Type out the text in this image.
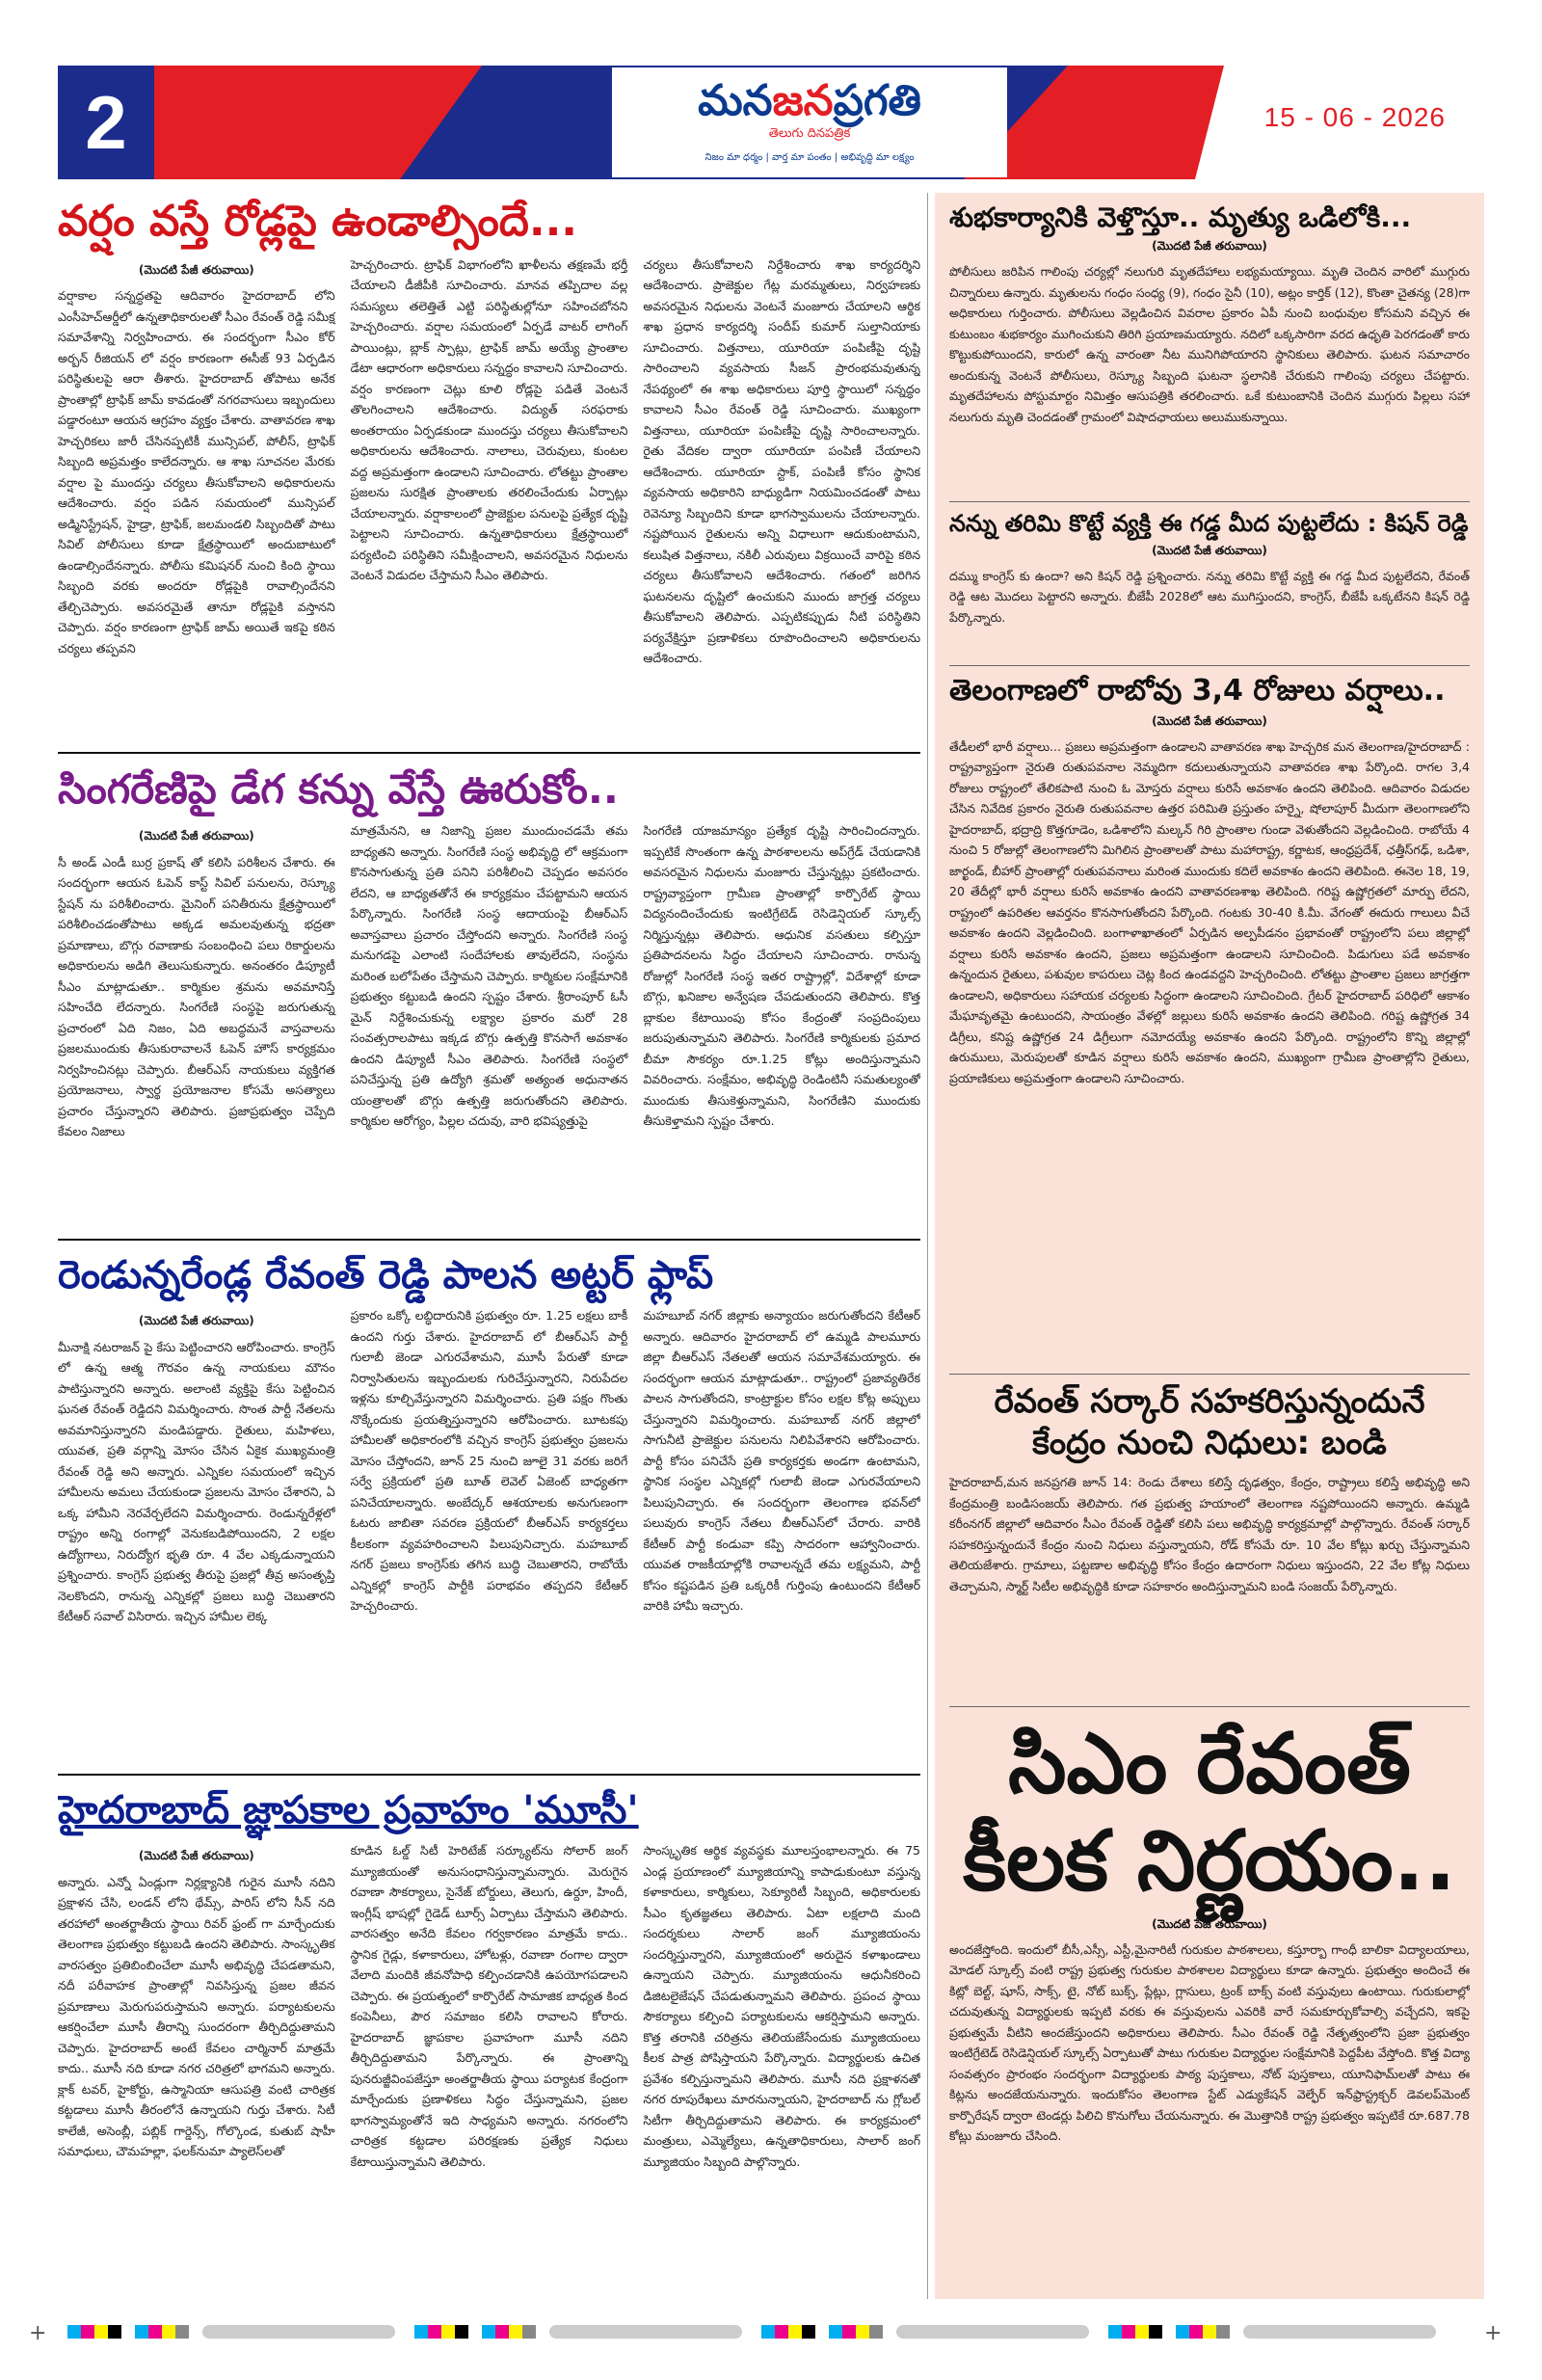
2	మనజనప్రగతి
తెలుగు దినపత్రిక
నిజం మా ధర్మం | వార్త మా పంతం | అభివృద్ధి మా లక్ష్యం
15 - 06 - 2026
వర్షం వస్తే రోడ్లపై ఉండాల్సిందే...
(మొదటి పేజీ తరువాయి)
వర్షాకాల సన్నద్ధతపై ఆదివారం హైదరాబాద్ లోని ఎంసీహెచ్ఆర్డీలో ఉన్నతాధికారులతో సీఎం రేవంత్ రెడ్డి సమీక్ష సమావేశాన్ని నిర్వహించారు. ఈ సందర్భంగా సీఎం కోర్ అర్బన్ రీజియన్ లో వర్షం కారణంగా ఈసీజ్ 93 ఏర్పడిన పరిస్థితులపై ఆరా తీశారు. హైదరాబాద్ తోపాటు అనేక ప్రాంతాల్లో ట్రాఫిక్ జామ్ కావడంతో నగరవాసులు ఇబ్బందులు పడ్డారంటూ ఆయన ఆగ్రహం వ్యక్తం చేశారు. వాతావరణ శాఖ హెచ్చరికలు జారీ చేసినప్పటికీ మున్సిపల్, పోలీస్, ట్రాఫిక్ సిబ్బంది అప్రమత్తం కాలేదన్నారు. ఆ శాఖ సూచనల మేరకు వర్షాల పై ముందస్తు చర్యలు తీసుకోవాలని అధికారులను ఆదేశించారు. వర్షం పడిన సమయంలో మున్సిపల్ అడ్మినిస్ట్రేషన్, హైడ్రా, ట్రాఫిక్, జలమండలి సిబ్బందితో పాటు సివిల్ పోలీసులు కూడా క్షేత్రస్థాయిలో అందుబాటులో ఉండాల్సిందేనన్నారు. పోలీసు కమిషనర్ నుంచి కింది స్థాయి సిబ్బంది వరకు అందరూ రోడ్లపైకి రావాల్సిందేనని తేల్చిచెప్పారు. అవసరమైతే తానూ రోడ్లపైకి వస్తానని చెప్పారు. వర్షం కారణంగా ట్రాఫిక్ జామ్ అయితే ఇకపై కఠిన చర్యలు తప్పవని
హెచ్చరించారు. ట్రాఫిక్ విభాగంలోని ఖాళీలను తక్షణమే భర్తీ చేయాలని డీజీపీకి సూచించారు. మానవ తప్పిదాల వల్ల సమస్యలు తలెత్తితే ఎట్టి పరిస్థితుల్లోనూ సహించబోనని హెచ్చరించారు. వర్షాల సమయంలో ఏర్పడే వాటర్ లాగింగ్ పాయింట్లు, బ్లాక్ స్పాట్లు, ట్రాఫిక్ జామ్ అయ్యే ప్రాంతాల డేటా ఆధారంగా అధికారులు సన్నద్ధం కావాలని సూచించారు. వర్షం కారణంగా చెట్లు కూలి రోడ్లపై పడితే వెంటనే తొలగించాలని ఆదేశించారు. విద్యుత్ సరఫరాకు అంతరాయం ఏర్పడకుండా ముందస్తు చర్యలు తీసుకోవాలని అధికారులను ఆదేశించారు. నాలాలు, చెరువులు, కుంటల వద్ద అప్రమత్తంగా ఉండాలని సూచించారు. లోతట్టు ప్రాంతాల ప్రజలను సురక్షిత ప్రాంతాలకు తరలించేందుకు ఏర్పాట్లు చేయాలన్నారు. వర్షాకాలంలో ప్రాజెక్టుల పనులపై ప్రత్యేక దృష్టి పెట్టాలని సూచించారు. ఉన్నతాధికారులు క్షేత్రస్థాయిలో పర్యటించి పరిస్థితిని సమీక్షించాలని, అవసరమైన నిధులను వెంటనే విడుదల చేస్తామని సీఎం తెలిపారు.
చర్యలు తీసుకోవాలని నిర్దేశించారు శాఖ కార్యదర్శిని ఆదేశించారు. ప్రాజెక్టుల గేట్ల మరమ్మతులు, నిర్వహణకు అవసరమైన నిధులను వెంటనే మంజూరు చేయాలని ఆర్థిక శాఖ ప్రధాన కార్యదర్శి సందీప్ కుమార్ సుల్తానియాకు సూచించారు. విత్తనాలు, యూరియా పంపిణీపై దృష్టి సారించాలని వ్యవసాయ సీజన్ ప్రారంభమవుతున్న నేపథ్యంలో ఈ శాఖ అధికారులు పూర్తి స్థాయిలో సన్నద్ధం కావాలని సీఎం రేవంత్ రెడ్డి సూచించారు. ముఖ్యంగా విత్తనాలు, యూరియా పంపిణీపై దృష్టి సారించాలన్నారు. రైతు వేదికల ద్వారా యూరియా పంపిణీ చేయాలని ఆదేశించారు. యూరియా స్టాక్, పంపిణీ కోసం స్థానిక వ్యవసాయ అధికారిని బాధ్యుడిగా నియమించడంతో పాటు రెవెన్యూ సిబ్బందిని కూడా భాగస్వాములను చేయాలన్నారు. నష్టపోయిన రైతులను అన్ని విధాలుగా ఆదుకుంటామని, కలుషిత విత్తనాలు, నకిలీ ఎరువులు విక్రయించే వారిపై కఠిన చర్యలు తీసుకోవాలని ఆదేశించారు. గతంలో జరిగిన ఘటనలను దృష్టిలో ఉంచుకుని ముందు జాగ్రత్త చర్యలు తీసుకోవాలని తెలిపారు. ఎప్పటికప్పుడు నీటి పరిస్థితిని పర్యవేక్షిస్తూ ప్రణాళికలు రూపొందించాలని అధికారులను ఆదేశించారు.
సింగరేణిపై డేగ కన్ను వేస్తే ఊరుకోం..
(మొదటి పేజీ తరువాయి)
సీ అండ్ ఎండీ బుర్ర ప్రకాష్ తో కలిసి పరిశీలన చేశారు. ఈ సందర్భంగా ఆయన ఓపెన్ కాస్ట్ సివిల్ పనులను, రెస్క్యూ స్టేషన్ ను పరిశీలించారు. మైనింగ్ పనితీరును క్షేత్రస్థాయిలో పరిశీలించడంతోపాటు అక్కడ అమలవుతున్న భద్రతా ప్రమాణాలు, బొగ్గు రవాణాకు సంబంధించి పలు రికార్డులను అధికారులను అడిగి తెలుసుకున్నారు. అనంతరం డిప్యూటీ సీఎం మాట్లాడుతూ.. కార్మికుల శ్రమను అవమానిస్తే సహించేది లేదన్నారు. సింగరేణి సంస్థపై జరుగుతున్న ప్రచారంలో ఏది నిజం, ఏది అబద్ధమనే వాస్తవాలను ప్రజలముందుకు తీసుకురావాలనే ఓపెన్ హౌస్ కార్యక్రమం నిర్వహించినట్లు చెప్పారు. బీఆర్ఎస్ నాయకులు వ్యక్తిగత ప్రయోజనాలు, స్వార్థ ప్రయోజనాల కోసమే అసత్యాలు ప్రచారం చేస్తున్నారని తెలిపారు. ప్రజాప్రభుత్వం చెప్పేది కేవలం నిజాలు
మాత్రమేనని, ఆ నిజాన్ని ప్రజల ముందుంచడమే తమ బాధ్యతని అన్నారు. సింగరేణి సంస్థ అభివృద్ధి లో ఆక్రమంగా కొనసాగుతున్న ప్రతి పనిని పరిశీలించి చెప్పడం అవసరం లేదని, ఆ బాధ్యతతోనే ఈ కార్యక్రమం చేపట్టామని ఆయన పేర్కొన్నారు. సింగరేణి సంస్థ ఆదాయంపై బీఆర్ఎస్ అవాస్తవాలు ప్రచారం చేస్తోందని అన్నారు. సింగరేణి సంస్థ మనుగడపై ఎలాంటి సందేహాలకు తావులేదని, సంస్థను మరింత బలోపేతం చేస్తామని చెప్పారు. కార్మికుల సంక్షేమానికి ప్రభుత్వం కట్టుబడి ఉందని స్పష్టం చేశారు. శ్రీరాంపూర్ ఓసీ మైన్ నిర్దేశించుకున్న లక్ష్యాల ప్రకారం మరో 28 సంవత్సరాలపాటు ఇక్కడ బొగ్గు ఉత్పత్తి కొనసాగే అవకాశం ఉందని డిప్యూటీ సీఎం తెలిపారు. సింగరేణి సంస్థలో పనిచేస్తున్న ప్రతి ఉద్యోగి శ్రమతో అత్యంత అధునాతన యంత్రాలతో బొగ్గు ఉత్పత్తి జరుగుతోందని తెలిపారు. కార్మికుల ఆరోగ్యం, పిల్లల చదువు, వారి భవిష్యత్తుపై
సింగరేణి యాజమాన్యం ప్రత్యేక దృష్టి సారించిందన్నారు. ఇప్పటికే సొంతంగా ఉన్న పాఠశాలలను అప్‌గ్రేడ్ చేయడానికి అవసరమైన నిధులను మంజూరు చేస్తున్నట్లు ప్రకటించారు. రాష్ట్రవ్యాప్తంగా గ్రామీణ ప్రాంతాల్లో కార్పొరేట్ స్థాయి విద్యనందించేందుకు ఇంటిగ్రేటెడ్ రెసిడెన్షియల్ స్కూల్స్ నిర్మిస్తున్నట్లు తెలిపారు. ఆధునిక వసతులు కల్పిస్తూ ప్రతిపాదనలను సిద్ధం చేయాలని సూచించారు. రానున్న రోజుల్లో సింగరేణి సంస్థ ఇతర రాష్ట్రాల్లో, విదేశాల్లో కూడా బొగ్గు, ఖనిజాల అన్వేషణ చేపడుతుందని తెలిపారు. కొత్త బ్లాకుల కేటాయింపు కోసం కేంద్రంతో సంప్రదింపులు జరుపుతున్నామని తెలిపారు. సింగరేణి కార్మికులకు ప్రమాద బీమా సౌకర్యం రూ.1.25 కోట్లు అందిస్తున్నామని వివరించారు. సంక్షేమం, అభివృద్ధి రెండింటినీ సమతుల్యంతో ముందుకు తీసుకెళ్తున్నామని, సింగరేణిని ముందుకు తీసుకెళ్తామని స్పష్టం చేశారు.
రెండున్నరేండ్ల రేవంత్ రెడ్డి పాలన అట్టర్ ఫ్లాప్
(మొదటి పేజీ తరువాయి)
మీనాక్షి నటరాజన్ పై కేసు పెట్టించారని ఆరోపించారు. కాంగ్రెస్ లో ఉన్న ఆత్మ గౌరవం ఉన్న నాయకులు మౌనం పాటిస్తున్నారని అన్నారు. అలాంటి వ్యక్తిపై కేసు పెట్టించిన ఘనత రేవంత్ రెడ్డిదని విమర్శించారు. సొంత పార్టీ నేతలను అవమానిస్తున్నారని మండిపడ్డారు. రైతులు, మహిళలు, యువత, ప్రతి వర్గాన్ని మోసం చేసిన ఏకైక ముఖ్యమంత్రి రేవంత్ రెడ్డి అని అన్నారు. ఎన్నికల సమయంలో ఇచ్చిన హామీలను అమలు చేయకుండా ప్రజలను మోసం చేశారని, ఏ ఒక్క హామీని నెరవేర్చలేదని విమర్శించారు. రెండున్నరేళ్లలో రాష్ట్రం అన్ని రంగాల్లో వెనుకబడిపోయిందని, 2 లక్షల ఉద్యోగాలు, నిరుద్యోగ భృతి రూ. 4 వేల ఎక్కడున్నాయని ప్రశ్నించారు. కాంగ్రెస్ ప్రభుత్వ తీరుపై ప్రజల్లో తీవ్ర అసంతృప్తి నెలకొందని, రానున్న ఎన్నికల్లో ప్రజలు బుద్ధి చెబుతారని కేటీఆర్ సవాల్ విసిరారు. ఇచ్చిన హామీల లెక్క
ప్రకారం ఒక్కో లబ్ధిదారునికి ప్రభుత్వం రూ. 1.25 లక్షలు బాకీ ఉందని గుర్తు చేశారు. హైదరాబాద్ లో బీఆర్ఎస్ పార్టీ గులాబీ జెండా ఎగురవేశామని, మూసీ పేరుతో కూడా నిర్వాసితులను ఇబ్బందులకు గురిచేస్తున్నారని, నిరుపేదల ఇళ్లను కూల్చివేస్తున్నారని విమర్శించారు. ప్రతి పక్షం గొంతు నొక్కేందుకు ప్రయత్నిస్తున్నారని ఆరోపించారు. బూటకపు హామీలతో అధికారంలోకి వచ్చిన కాంగ్రెస్ ప్రభుత్వం ప్రజలను మోసం చేస్తోందని, జూన్ 25 నుంచి జూలై 31 వరకు జరిగే సర్వే ప్రక్రియలో ప్రతి బూత్ లెవెల్ ఏజెంట్ బాధ్యతగా పనిచేయాలన్నారు. అంబేద్కర్ ఆశయాలకు అనుగుణంగా ఓటరు జాబితా సవరణ ప్రక్రియలో బీఆర్ఎస్ కార్యకర్తలు కీలకంగా వ్యవహరించాలని పిలుపునిచ్చారు. మహబూబ్ నగర్ ప్రజలు కాంగ్రెస్‌కు తగిన బుద్ధి చెబుతారని, రాబోయే ఎన్నికల్లో కాంగ్రెస్ పార్టీకి పరాభవం తప్పదని కేటీఆర్ హెచ్చరించారు.
మహబూబ్ నగర్ జిల్లాకు అన్యాయం జరుగుతోందని కేటీఆర్ అన్నారు. ఆదివారం హైదరాబాద్ లో ఉమ్మడి పాలమూరు జిల్లా బీఆర్ఎస్ నేతలతో ఆయన సమావేశమయ్యారు. ఈ సందర్భంగా ఆయన మాట్లాడుతూ.. రాష్ట్రంలో ప్రజావ్యతిరేక పాలన సాగుతోందని, కాంట్రాక్టుల కోసం లక్షల కోట్ల అప్పులు చేస్తున్నారని విమర్శించారు. మహబూబ్ నగర్ జిల్లాలో సాగునీటి ప్రాజెక్టుల పనులను నిలిపివేశారని ఆరోపించారు. పార్టీ కోసం పనిచేసే ప్రతి కార్యకర్తకు అండగా ఉంటామని, స్థానిక సంస్థల ఎన్నికల్లో గులాబీ జెండా ఎగురవేయాలని పిలుపునిచ్చారు. ఈ సందర్భంగా తెలంగాణ భవన్‌లో పలువురు కాంగ్రెస్ నేతలు బీఆర్ఎస్‌లో చేరారు. వారికి కేటీఆర్ పార్టీ కండువా కప్పి సాదరంగా ఆహ్వానించారు. యువత రాజకీయాల్లోకి రావాలన్నదే తమ లక్ష్యమని, పార్టీ కోసం కష్టపడిన ప్రతి ఒక్కరికీ గుర్తింపు ఉంటుందని కేటీఆర్ వారికి హామీ ఇచ్చారు.
హైదరాబాద్ జ్ఞాపకాల ప్రవాహం 'మూసీ'
(మొదటి పేజీ తరువాయి)
అన్నారు. ఎన్నో ఏండ్లుగా నిర్లక్ష్యానికి గురైన మూసీ నదిని ప్రక్షాళన చేసి, లండన్ లోని థేమ్స్, పారిస్ లోని సీన్ నది తరహాలో అంతర్జాతీయ స్థాయి రివర్ ఫ్రంట్ గా మార్చేందుకు తెలంగాణ ప్రభుత్వం కట్టుబడి ఉందని తెలిపారు. సాంస్కృతిక వారసత్వం ప్రతిబింబించేలా మూసీ అభివృద్ధి చేపడతామని, నదీ పరీవాహక ప్రాంతాల్లో నివసిస్తున్న ప్రజల జీవన ప్రమాణాలు మెరుగుపరుస్తామని అన్నారు. పర్యాటకులను ఆకర్షించేలా మూసీ తీరాన్ని సుందరంగా తీర్చిదిద్దుతామని చెప్పారు. హైదరాబాద్ అంటే కేవలం చార్మినార్ మాత్రమే కాదు.. మూసీ నది కూడా నగర చరిత్రలో భాగమని అన్నారు. క్లాక్ టవర్, హైకోర్టు, ఉస్మానియా ఆసుపత్రి వంటి చారిత్రక కట్టడాలు మూసీ తీరంలోనే ఉన్నాయని గుర్తు చేశారు. సిటీ కాలేజీ, అసెంబ్లీ, పబ్లిక్ గార్డెన్స్, గోల్కొండ, కుతుబ్ షాహీ సమాధులు, చౌమహల్లా, ఫలక్‌నుమా ప్యాలెస్‌లతో
కూడిన ఓల్డ్ సిటీ హెరిటేజ్ సర్క్యూట్‌ను సోలార్ జంగ్ మ్యూజియంతో అనుసంధానిస్తున్నామన్నారు. మెరుగైన రవాణా సౌకర్యాలు, సైనేజ్ బోర్డులు, తెలుగు, ఉర్దూ, హిందీ, ఇంగ్లీష్ భాషల్లో గైడెడ్ టూర్స్ ఏర్పాటు చేస్తామని తెలిపారు. వారసత్వం అనేది కేవలం గర్వకారణం మాత్రమే కాదు.. స్థానిక గైడ్లు, కళాకారులు, హోటళ్లు, రవాణా రంగాల ద్వారా వేలాది మందికి జీవనోపాధి కల్పించడానికి ఉపయోగపడాలని చెప్పారు. ఈ ప్రయత్నంలో కార్పొరేట్ సామాజిక బాధ్యత కింద కంపెనీలు, పౌర సమాజం కలిసి రావాలని కోరారు. హైదరాబాద్ జ్ఞాపకాల ప్రవాహంగా మూసీ నదిని తీర్చిదిద్దుతామని పేర్కొన్నారు. ఈ ప్రాంతాన్ని పునరుజ్జీవింపజేస్తూ అంతర్జాతీయ స్థాయి పర్యాటక కేంద్రంగా మార్చేందుకు ప్రణాళికలు సిద్ధం చేస్తున్నామని, ప్రజల భాగస్వామ్యంతోనే ఇది సాధ్యమని అన్నారు. నగరంలోని చారిత్రక కట్టడాల పరిరక్షణకు ప్రత్యేక నిధులు కేటాయిస్తున్నామని తెలిపారు.
సాంస్కృతిక ఆర్థిక వ్యవస్థకు మూలస్తంభాలన్నారు. ఈ 75 ఎండ్ల ప్రయాణంలో మ్యూజియాన్ని కాపాడుకుంటూ వస్తున్న కళాకారులు, కార్మికులు, సెక్యూరిటీ సిబ్బంది, అధికారులకు సీఎం కృతజ్ఞతలు తెలిపారు. ఏటా లక్షలాది మంది సందర్శకులు సాలార్ జంగ్ మ్యూజియంను సందర్శిస్తున్నారని, మ్యూజియంలో అరుదైన కళాఖండాలు ఉన్నాయని చెప్పారు. మ్యూజియంను ఆధునీకరించి డిజిటలైజేషన్ చేపడుతున్నామని తెలిపారు. ప్రపంచ స్థాయి సౌకర్యాలు కల్పించి పర్యాటకులను ఆకర్షిస్తామని అన్నారు. కొత్త తరానికి చరిత్రను తెలియజేసేందుకు మ్యూజియంలు కీలక పాత్ర పోషిస్తాయని పేర్కొన్నారు. విద్యార్థులకు ఉచిత ప్రవేశం కల్పిస్తున్నామని తెలిపారు. మూసీ నది ప్రక్షాళనతో నగర రూపురేఖలు మారనున్నాయని, హైదరాబాద్ ను గ్లోబల్ సిటీగా తీర్చిదిద్దుతామని తెలిపారు. ఈ కార్యక్రమంలో మంత్రులు, ఎమ్మెల్యేలు, ఉన్నతాధికారులు, సాలార్ జంగ్ మ్యూజియం సిబ్బంది పాల్గొన్నారు.
శుభకార్యానికి వెళ్తొస్తూ.. మృత్యు ఒడిలోకి...
(మొదటి పేజీ తరువాయి)
పోలీసులు జరిపిన గాలింపు చర్యల్లో నలుగురి మృతదేహాలు లభ్యమయ్యాయి. మృతి చెందిన వారిలో ముగ్గురు చిన్నారులు ఉన్నారు. మృతులను గంధం సంధ్య (9), గంధం సైనీ (10), అట్లం కార్తిక్ (12), కొంతా చైతన్య (28)గా అధికారులు గుర్తించారు. పోలీసులు వెల్లడించిన వివరాల ప్రకారం ఏపీ నుంచి బంధువుల కోసమని వచ్చిన ఈ కుటుంబం శుభకార్యం ముగించుకుని తిరిగి ప్రయాణమయ్యారు. నదిలో ఒక్కసారిగా వరద ఉధృతి పెరగడంతో కారు కొట్టుకుపోయిందని, కారులో ఉన్న వారంతా నీట మునిగిపోయారని స్థానికులు తెలిపారు. ఘటన సమాచారం అందుకున్న వెంటనే పోలీసులు, రెస్క్యూ సిబ్బంది ఘటనా స్థలానికి చేరుకుని గాలింపు చర్యలు చేపట్టారు. మృతదేహాలను పోస్టుమార్టం నిమిత్తం ఆసుపత్రికి తరలించారు. ఒకే కుటుంబానికి చెందిన ముగ్గురు పిల్లలు సహా నలుగురు మృతి చెందడంతో గ్రామంలో విషాదఛాయలు అలుముకున్నాయి.
నన్ను తరిమి కొట్టే వ్యక్తి ఈ గడ్డ మీద పుట్టలేదు : కిషన్ రెడ్డి
(మొదటి పేజీ తరువాయి)
దమ్ము కాంగ్రెస్ కు ఉందా? అని కిషన్ రెడ్డి ప్రశ్నించారు. నన్ను తరిమి కొట్టే వ్యక్తి ఈ గడ్డ మీద పుట్టలేదని, రేవంత్ రెడ్డి ఆట మొదలు పెట్టారని అన్నారు. బీజేపీ 2028లో ఆట ముగిస్తుందని, కాంగ్రెస్, బీజేపీ ఒక్కటేనని కిషన్ రెడ్డి పేర్కొన్నారు.
తెలంగాణలో రాబోవు 3,4 రోజులు వర్షాలు..
(మొదటి పేజీ తరువాయి)
తేడీలలో భారీ వర్షాలు... ప్రజలు అప్రమత్తంగా ఉండాలని వాతావరణ శాఖ హెచ్చరిక మన తెలంగాణ/హైదరాబాద్ : రాష్ట్రవ్యాప్తంగా నైరుతి రుతుపవనాల నెమ్మదిగా కదులుతున్నాయని వాతావరణ శాఖ పేర్కొంది. రాగల 3,4 రోజులు రాష్ట్రంలో తేలికపాటి నుంచి ఓ మోస్తరు వర్షాలు కురిసే అవకాశం ఉందని తెలిపింది. ఆదివారం విడుదల చేసిన నివేదిక ప్రకారం నైరుతి రుతుపవనాల ఉత్తర పరిమితి ప్రస్తుతం హర్నై, షోలాపూర్ మీదుగా తెలంగాణలోని హైదరాబాద్, భద్రాద్రి కొత్తగూడెం, ఒడిశాలోని మల్కన్ గిరి ప్రాంతాల గుండా వెళుతోందని వెల్లడించింది. రాబోయే 4 నుంచి 5 రోజుల్లో తెలంగాణలోని మిగిలిన ప్రాంతాలతో పాటు మహారాష్ట్ర, కర్ణాటక, ఆంధ్రప్రదేశ్, ఛత్తీస్‌గఢ్, ఒడిశా, జార్ఖండ్, బీహార్ ప్రాంతాల్లో రుతుపవనాలు మరింత ముందుకు కదిలే అవకాశం ఉందని తెలిపింది. ఈనెల 18, 19, 20 తేదీల్లో భారీ వర్షాలు కురిసే అవకాశం ఉందని వాతావరణశాఖ తెలిపింది. గరిష్ట ఉష్ణోగ్రతలో మార్పు లేదని, రాష్ట్రంలో ఉపరితల ఆవర్తనం కొనసాగుతోందని పేర్కొంది. గంటకు 30-40 కి.మీ. వేగంతో ఈదురు గాలులు వీచే అవకాశం ఉందని వెల్లడించింది. బంగాళాఖాతంలో ఏర్పడిన అల్పపీడనం ప్రభావంతో రాష్ట్రంలోని పలు జిల్లాల్లో వర్షాలు కురిసే అవకాశం ఉందని, ప్రజలు అప్రమత్తంగా ఉండాలని సూచించింది. పిడుగులు పడే అవకాశం ఉన్నందున రైతులు, పశువుల కాపరులు చెట్ల కింద ఉండవద్దని హెచ్చరించింది. లోతట్టు ప్రాంతాల ప్రజలు జాగ్రత్తగా ఉండాలని, అధికారులు సహాయక చర్యలకు సిద్ధంగా ఉండాలని సూచించింది. గ్రేటర్ హైదరాబాద్ పరిధిలో ఆకాశం మేఘావృతమై ఉంటుందని, సాయంత్రం వేళల్లో జల్లులు కురిసే అవకాశం ఉందని తెలిపింది. గరిష్ట ఉష్ణోగ్రత 34 డిగ్రీలు, కనిష్ట ఉష్ణోగ్రత 24 డిగ్రీలుగా నమోదయ్యే అవకాశం ఉందని పేర్కొంది. రాష్ట్రంలోని కొన్ని జిల్లాల్లో ఉరుములు, మెరుపులతో కూడిన వర్షాలు కురిసే అవకాశం ఉందని, ముఖ్యంగా గ్రామీణ ప్రాంతాల్లోని రైతులు, ప్రయాణికులు అప్రమత్తంగా ఉండాలని సూచించారు.
రేవంత్ సర్కార్ సహకరిస్తున్నందునే
కేంద్రం నుంచి నిధులు: బండి
హైదరాబాద్,మన జనప్రగతి జూన్ 14: రెండు దేశాలు కలిస్తే దృఢత్వం, కేంద్రం, రాష్ట్రాలు కలిస్తే అభివృద్ధి అని కేంద్రమంత్రి బండిసంజయ్ తెలిపారు. గత ప్రభుత్వ హయాంలో తెలంగాణ నష్టపోయిందని అన్నారు. ఉమ్మడి కరీంనగర్ జిల్లాలో ఆదివారం సీఎం రేవంత్ రెడ్డితో కలిసి పలు అభివృద్ధి కార్యక్రమాల్లో పాల్గొన్నారు. రేవంత్ సర్కార్ సహకరిస్తున్నందునే కేంద్రం నుంచి నిధులు వస్తున్నాయని, రోడ్ కోసమే రూ. 10 వేల కోట్లు ఖర్చు చేస్తున్నామని తెలియజేశారు. గ్రామాలు, పట్టణాల అభివృద్ధి కోసం కేంద్రం ఉదారంగా నిధులు ఇస్తుందని, 22 వేల కోట్ల నిధులు తెచ్చామని, స్మార్ట్ సిటీల అభివృద్ధికి కూడా సహకారం అందిస్తున్నామని బండి సంజయ్ పేర్కొన్నారు.
సిఎం రేవంత్
కీలక నిర్ణయం..
(మొదటి పేజీ తరువాయి)
అందజేస్తోంది. ఇందులో బీసీ,ఎస్సీ, ఎస్టీ,మైనారిటీ గురుకుల పాఠశాలలు, కస్తూర్బా గాంధీ బాలికా విద్యాలయాలు, మోడల్ స్కూల్స్ వంటి రాష్ట్ర ప్రభుత్వ గురుకుల పాఠశాలల విద్యార్థులు కూడా ఉన్నారు. ప్రభుత్వం అందించే ఈ కిట్లో బెల్ట్, షూస్, సాక్స్, టై, నోట్ బుక్స్, ప్లేట్లు, గ్లాసులు, ట్రంక్ బాక్స్ వంటి వస్తువులు ఉంటాయి. గురుకులాల్లో చదువుతున్న విద్యార్థులకు ఇప్పటి వరకు ఈ వస్తువులను ఎవరికి వారే సమకూర్చుకోవాల్సి వచ్చేదని, ఇకపై ప్రభుత్వమే వీటిని అందజేస్తుందని అధికారులు తెలిపారు. సీఎం రేవంత్ రెడ్డి నేతృత్వంలోని ప్రజా ప్రభుత్వం ఇంటిగ్రేటెడ్ రెసిడెన్షియల్ స్కూల్స్ ఏర్పాటుతో పాటు గురుకుల విద్యార్థుల సంక్షేమానికి పెద్దపీట వేస్తోంది. కొత్త విద్యా సంవత్సరం ప్రారంభం సందర్భంగా విద్యార్థులకు పాఠ్య పుస్తకాలు, నోట్ పుస్తకాలు, యూనిఫామ్‌లతో పాటు ఈ కిట్లను అందజేయనున్నారు. ఇందుకోసం తెలంగాణ స్టేట్ ఎడ్యుకేషన్ వెల్ఫేర్ ఇన్‌ఫ్రాస్ట్రక్చర్ డెవలప్‌మెంట్ కార్పొరేషన్ ద్వారా టెండర్లు పిలిచి కొనుగోలు చేయనున్నారు. ఈ మొత్తానికి రాష్ట్ర ప్రభుత్వం ఇప్పటికే రూ.687.78 కోట్లు మంజూరు చేసింది.
+	+
